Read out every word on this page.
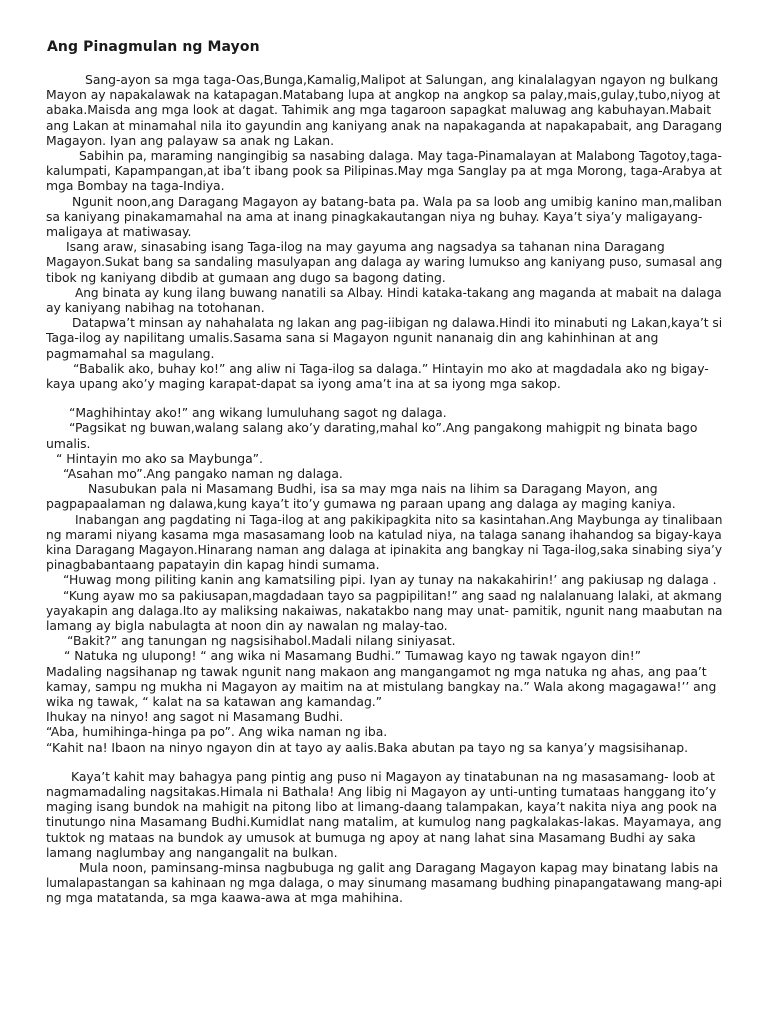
Ang Pinagmulan ng Mayon
Sang-ayon sa mga taga-Oas,Bunga,Kamalig,Malipot at Salungan, ang kinalalagyan ngayon ng bulkang
Mayon ay napakalawak na katapagan.Matabang lupa at angkop na angkop sa palay,mais,gulay,tubo,niyog at
abaka.Maisda ang mga look at dagat. Tahimik ang mga tagaroon sapagkat maluwag ang kabuhayan.Mabait
ang Lakan at minamahal nila ito gayundin ang kaniyang anak na napakaganda at napakapabait, ang Daragang
Magayon. Iyan ang palayaw sa anak ng Lakan.
Sabihin pa, maraming nangingibig sa nasabing dalaga. May taga-Pinamalayan at Malabong Tagotoy,taga-
kalumpati, Kapampangan,at iba’t ibang pook sa Pilipinas.May mga Sanglay pa at mga Morong, taga-Arabya at
mga Bombay na taga-Indiya.
Ngunit noon,ang Daragang Magayon ay batang-bata pa. Wala pa sa loob ang umibig kanino man,maliban
sa kaniyang pinakamamahal na ama at inang pinagkakautangan niya ng buhay. Kaya’t siya’y maligayang-
maligaya at matiwasay.
Isang araw, sinasabing isang Taga-ilog na may gayuma ang nagsadya sa tahanan nina Daragang
Magayon.Sukat bang sa sandaling masulyapan ang dalaga ay waring lumukso ang kaniyang puso, sumasal ang
tibok ng kaniyang dibdib at gumaan ang dugo sa bagong dating.
Ang binata ay kung ilang buwang nanatili sa Albay. Hindi kataka-takang ang maganda at mabait na dalaga
ay kaniyang nabihag na totohanan.
Datapwa’t minsan ay nahahalata ng lakan ang pag-iibigan ng dalawa.Hindi ito minabuti ng Lakan,kaya’t si
Taga-ilog ay napilitang umalis.Sasama sana si Magayon ngunit nananaig din ang kahinhinan at ang
pagmamahal sa magulang.
“Babalik ako, buhay ko!” ang aliw ni Taga-ilog sa dalaga.” Hintayin mo ako at magdadala ako ng bigay-
kaya upang ako’y maging karapat-dapat sa iyong ama’t ina at sa iyong mga sakop.
“Maghihintay ako!” ang wikang lumuluhang sagot ng dalaga.
“Pagsikat ng buwan,walang salang ako’y darating,mahal ko”.Ang pangakong mahigpit ng binata bago
umalis.
“ Hintayin mo ako sa Maybunga”.
“Asahan mo”.Ang pangako naman ng dalaga.
Nasubukan pala ni Masamang Budhi, isa sa may mga nais na lihim sa Daragang Mayon, ang
pagpapaalaman ng dalawa,kung kaya’t ito’y gumawa ng paraan upang ang dalaga ay maging kaniya.
Inabangan ang pagdating ni Taga-ilog at ang pakikipagkita nito sa kasintahan.Ang Maybunga ay tinalibaan
ng marami niyang kasama mga masasamang loob na katulad niya, na talaga sanang ihahandog sa bigay-kaya
kina Daragang Magayon.Hinarang naman ang dalaga at ipinakita ang bangkay ni Taga-ilog,saka sinabing siya’y
pinagbabantaang papatayin din kapag hindi sumama.
“Huwag mong piliting kanin ang kamatsiling pipi. Iyan ay tunay na nakakahirin!’ ang pakiusap ng dalaga .
“Kung ayaw mo sa pakiusapan,magdadaan tayo sa pagpipilitan!” ang saad ng nalalanuang lalaki, at akmang
yayakapin ang dalaga.Ito ay maliksing nakaiwas, nakatakbo nang may unat- pamitik, ngunit nang maabutan na
lamang ay bigla nabulagta at noon din ay nawalan ng malay-tao.
“Bakit?” ang tanungan ng nagsisihabol.Madali nilang siniyasat.
“ Natuka ng ulupong! “ ang wika ni Masamang Budhi.” Tumawag kayo ng tawak ngayon din!”
Madaling nagsihanap ng tawak ngunit nang makaon ang mangangamot ng mga natuka ng ahas, ang paa’t
kamay, sampu ng mukha ni Magayon ay maitim na at mistulang bangkay na.” Wala akong magagawa!’’ ang
wika ng tawak, “ kalat na sa katawan ang kamandag.”
Ihukay na ninyo! ang sagot ni Masamang Budhi.
“Aba, humihinga-hinga pa po”. Ang wika naman ng iba.
“Kahit na! Ibaon na ninyo ngayon din at tayo ay aalis.Baka abutan pa tayo ng sa kanya’y magsisihanap.
Kaya’t kahit may bahagya pang pintig ang puso ni Magayon ay tinatabunan na ng masasamang- loob at
nagmamadaling nagsitakas.Himala ni Bathala! Ang libig ni Magayon ay unti-unting tumataas hanggang ito’y
maging isang bundok na mahigit na pitong libo at limang-daang talampakan, kaya’t nakita niya ang pook na
tinutungo nina Masamang Budhi.Kumidlat nang matalim, at kumulog nang pagkalakas-lakas. Mayamaya, ang
tuktok ng mataas na bundok ay umusok at bumuga ng apoy at nang lahat sina Masamang Budhi ay saka
lamang naglumbay ang nangangalit na bulkan.
Mula noon, paminsang-minsa nagbubuga ng galit ang Daragang Magayon kapag may binatang labis na
lumalapastangan sa kahinaan ng mga dalaga, o may sinumang masamang budhing pinapangatawang mang-api
ng mga matatanda, sa mga kaawa-awa at mga mahihina.
